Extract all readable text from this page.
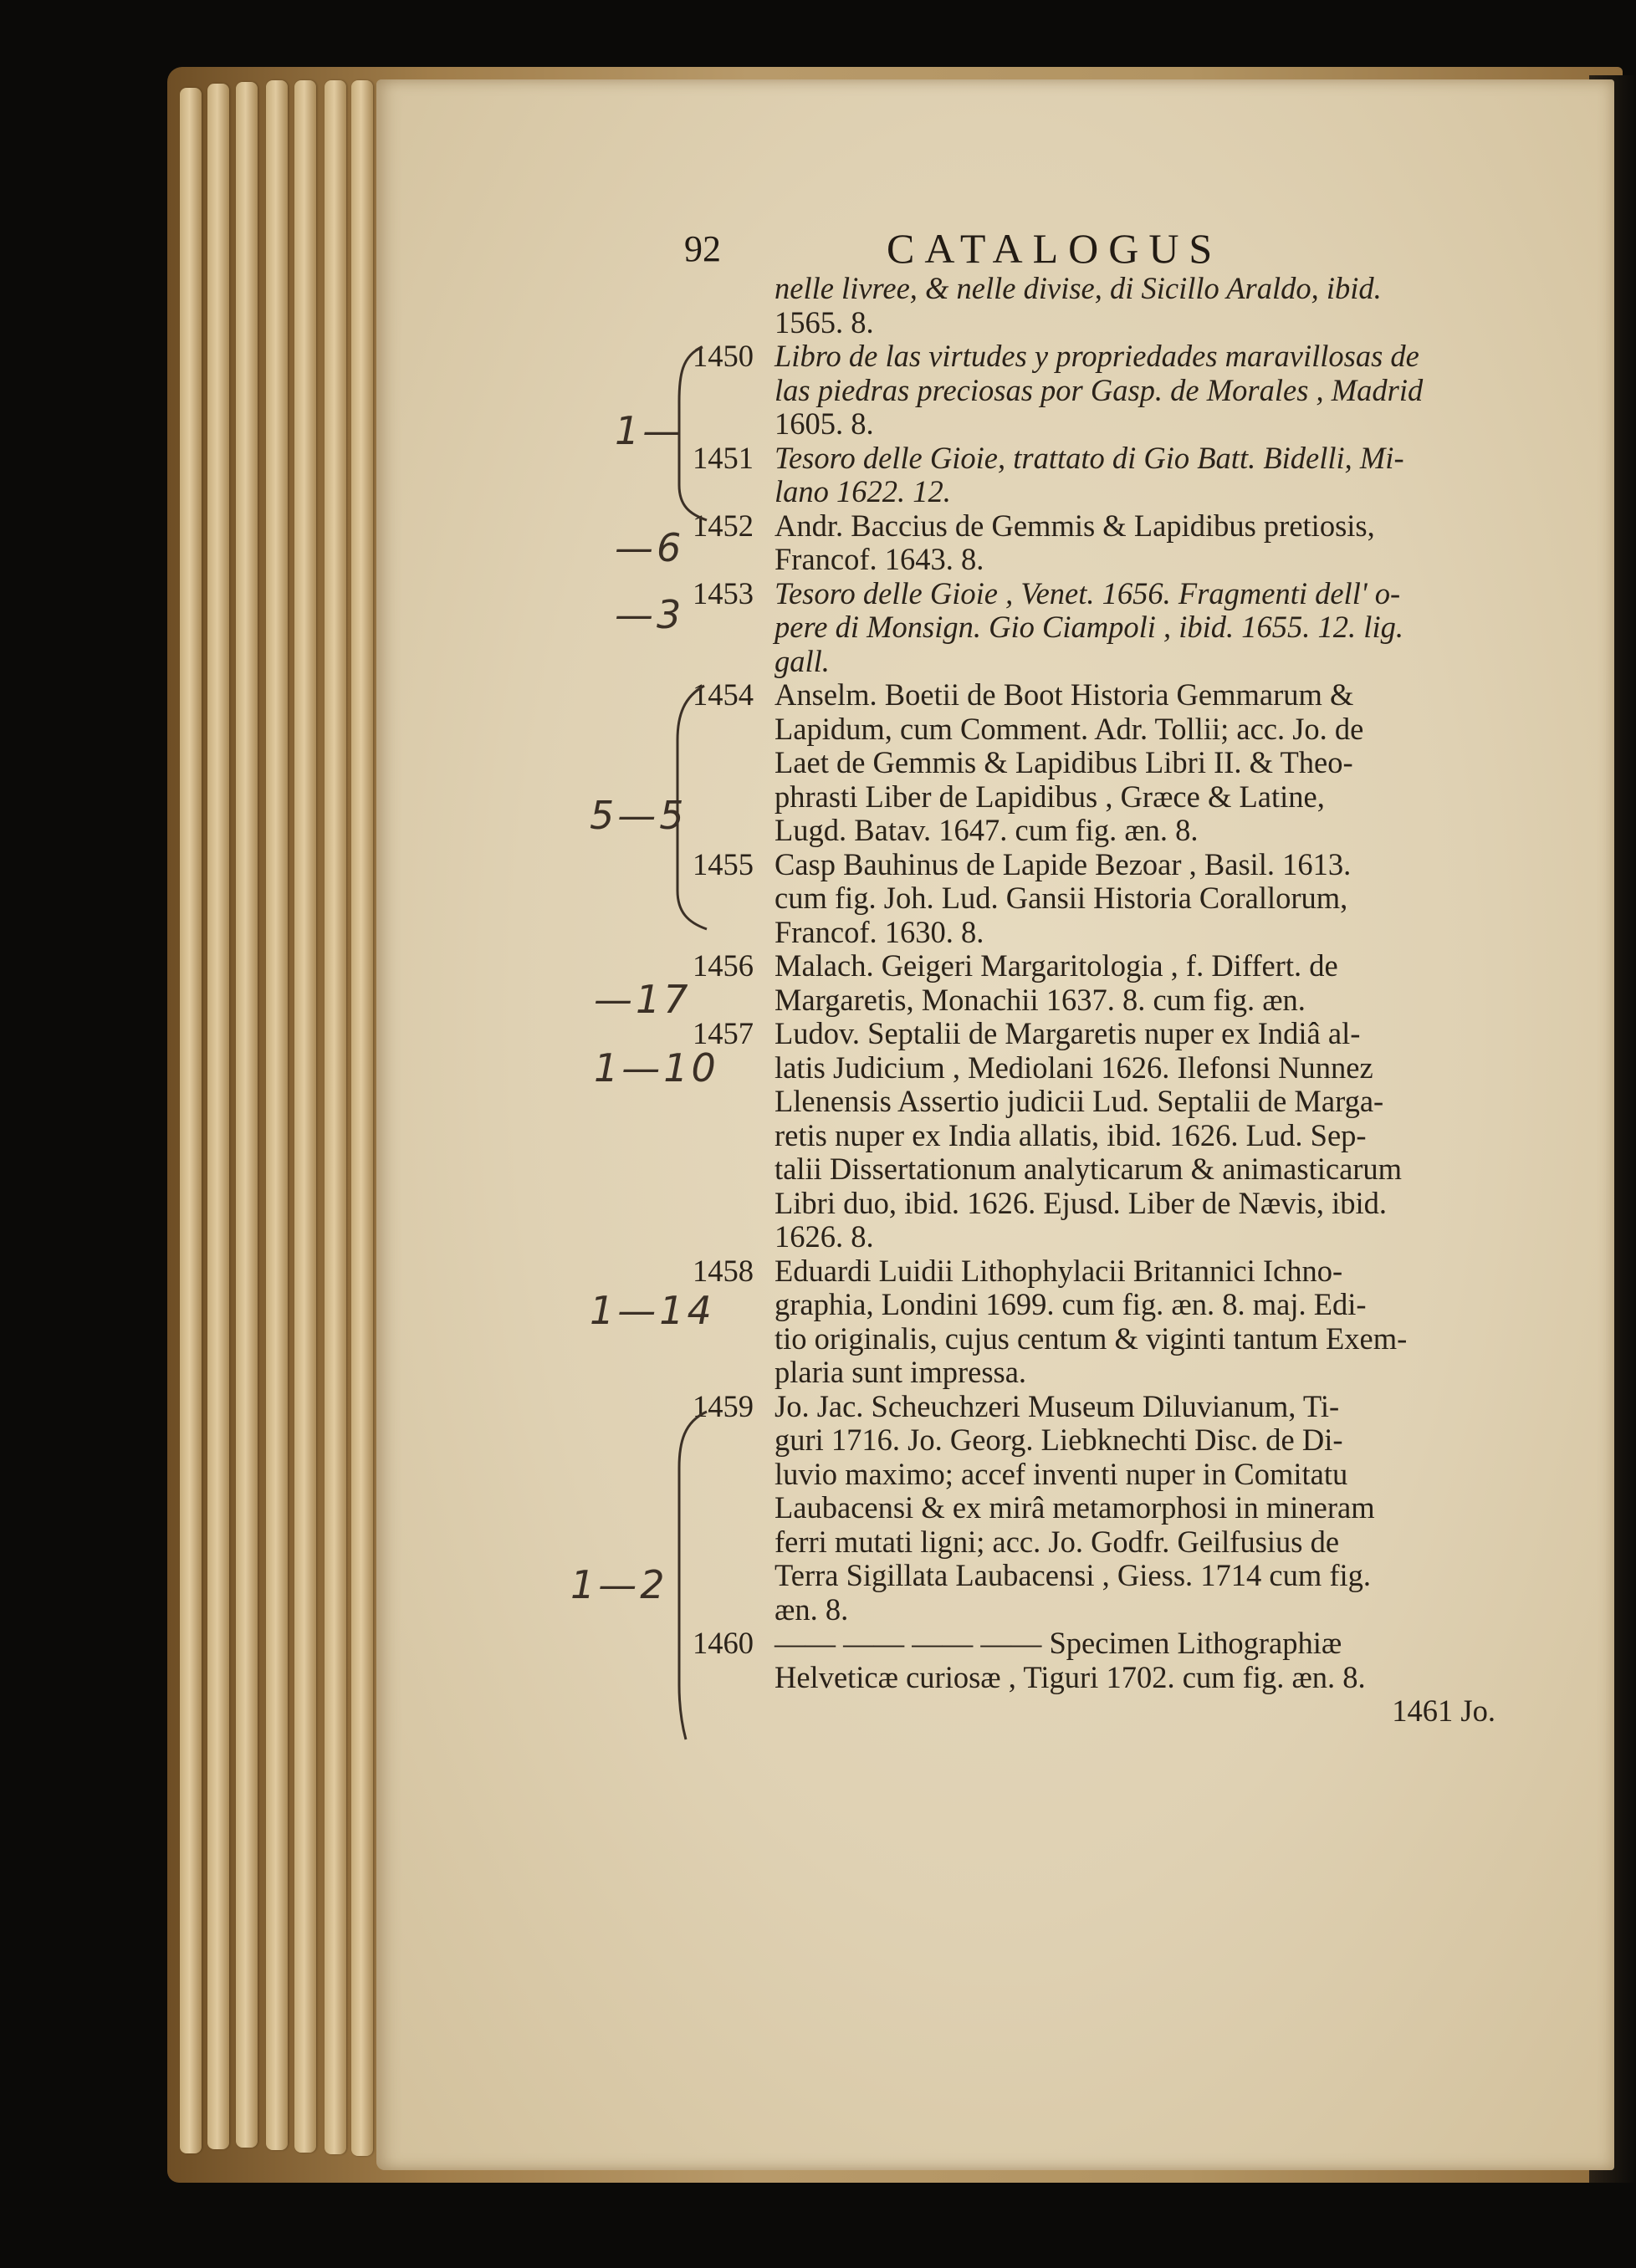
92	CATALOGUS
nelle livree, & nelle divise, di Sicillo Araldo, ibid.
1565. 8.
1450 Libro de las virtudes y propriedades maravillosas de
las piedras preciosas por Gasp. de Morales , Madrid
1605. 8.
1451 Tesoro delle Gioie, trattato di Gio Batt. Bidelli, Mi-
lano 1622. 12.
1452 Andr. Baccius de Gemmis & Lapidibus pretiosis,
Francof. 1643. 8.
1453 Tesoro delle Gioie , Venet. 1656. Fragmenti dell' o-
pere di Monsign. Gio Ciampoli , ibid. 1655. 12. lig.
gall.
1454 Anselm. Boetii de Boot Historia Gemmarum &
Lapidum, cum Comment. Adr. Tollii; acc. Jo. de
Laet de Gemmis & Lapidibus Libri II. & Theo-
phrasti Liber de Lapidibus , Græce & Latine,
Lugd. Batav. 1647. cum fig. æn. 8.
1455 Casp Bauhinus de Lapide Bezoar , Basil. 1613.
cum fig. Joh. Lud. Gansii Historia Corallorum,
Francof. 1630. 8.
1456 Malach. Geigeri Margaritologia , f. Differt. de
Margaretis, Monachii 1637. 8. cum fig. æn.
1457 Ludov. Septalii de Margaretis nuper ex Indiâ al-
latis Judicium , Mediolani 1626. Ilefonsi Nunnez
Llenensis Assertio judicii Lud. Septalii de Marga-
retis nuper ex India allatis, ibid. 1626. Lud. Sep-
talii Dissertationum analyticarum & animasticarum
Libri duo, ibid. 1626. Ejusd. Liber de Nævis, ibid.
1626. 8.
1458 Eduardi Luidii Lithophylacii Britannici Ichno-
graphia, Londini 1699. cum fig. æn. 8. maj. Edi-
tio originalis, cujus centum & viginti tantum Exem-
plaria sunt impressa.
1459 Jo. Jac. Scheuchzeri Museum Diluvianum, Ti-
guri 1716. Jo. Georg. Liebknechti Disc. de Di-
luvio maximo; accef inventi nuper in Comitatu
Laubacensi & ex mirâ metamorphosi in mineram
ferri mutati ligni; acc. Jo. Godfr. Geilfusius de
Terra Sigillata Laubacensi , Giess. 1714 cum fig.
æn. 8.
1460 —— —— —— —— Specimen Lithographiæ
Helveticæ curiosæ , Tiguri 1702. cum fig. æn. 8.
1461 Jo.
1—
—6
—3
5—5
—17
1—10
1—14
1—2
